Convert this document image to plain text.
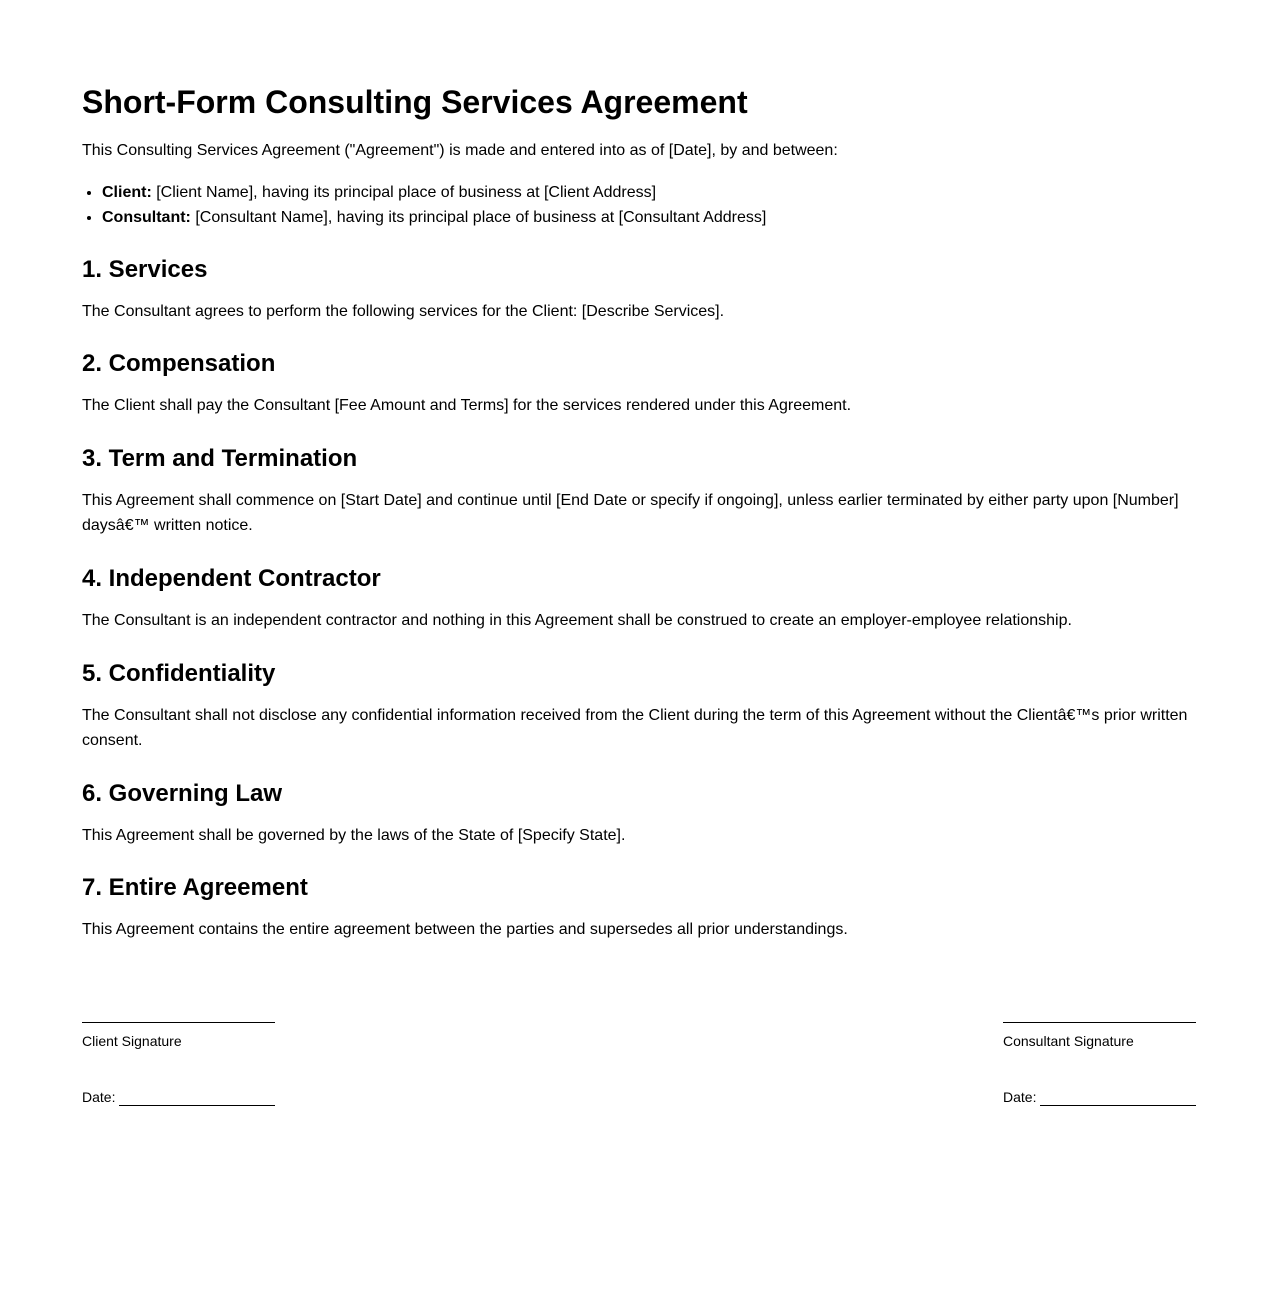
Short-Form Consulting Services Agreement

This Consulting Services Agreement ("Agreement") is made and entered into as of [Date], by and between:

• Client: [Client Name], having its principal place of business at [Client Address]
• Consultant: [Consultant Name], having its principal place of business at [Consultant Address]
1. Services

The Consultant agrees to perform the following services for the Client: [Describe Services].

2. Compensation

The Client shall pay the Consultant [Fee Amount and Terms] for the services rendered under this Agreement.

3. Term and Termination

This Agreement shall commence on [Start Date] and continue until [End Date or specify if ongoing], unless earlier terminated by either party upon [Number] daysâ€™ written notice.

4. Independent Contractor

The Consultant is an independent contractor and nothing in this Agreement shall be construed to create an employer-employee relationship.

5. Confidentiality

The Consultant shall not disclose any confidential information received from the Client during the term of this Agreement without the Clientâ€™s prior written consent.

6. Governing Law

This Agreement shall be governed by the laws of the State of [Specify State].

7. Entire Agreement

This Agreement contains the entire agreement between the parties and supersedes all prior understandings.

Client Signature
Date:
Consultant Signature
Date:
